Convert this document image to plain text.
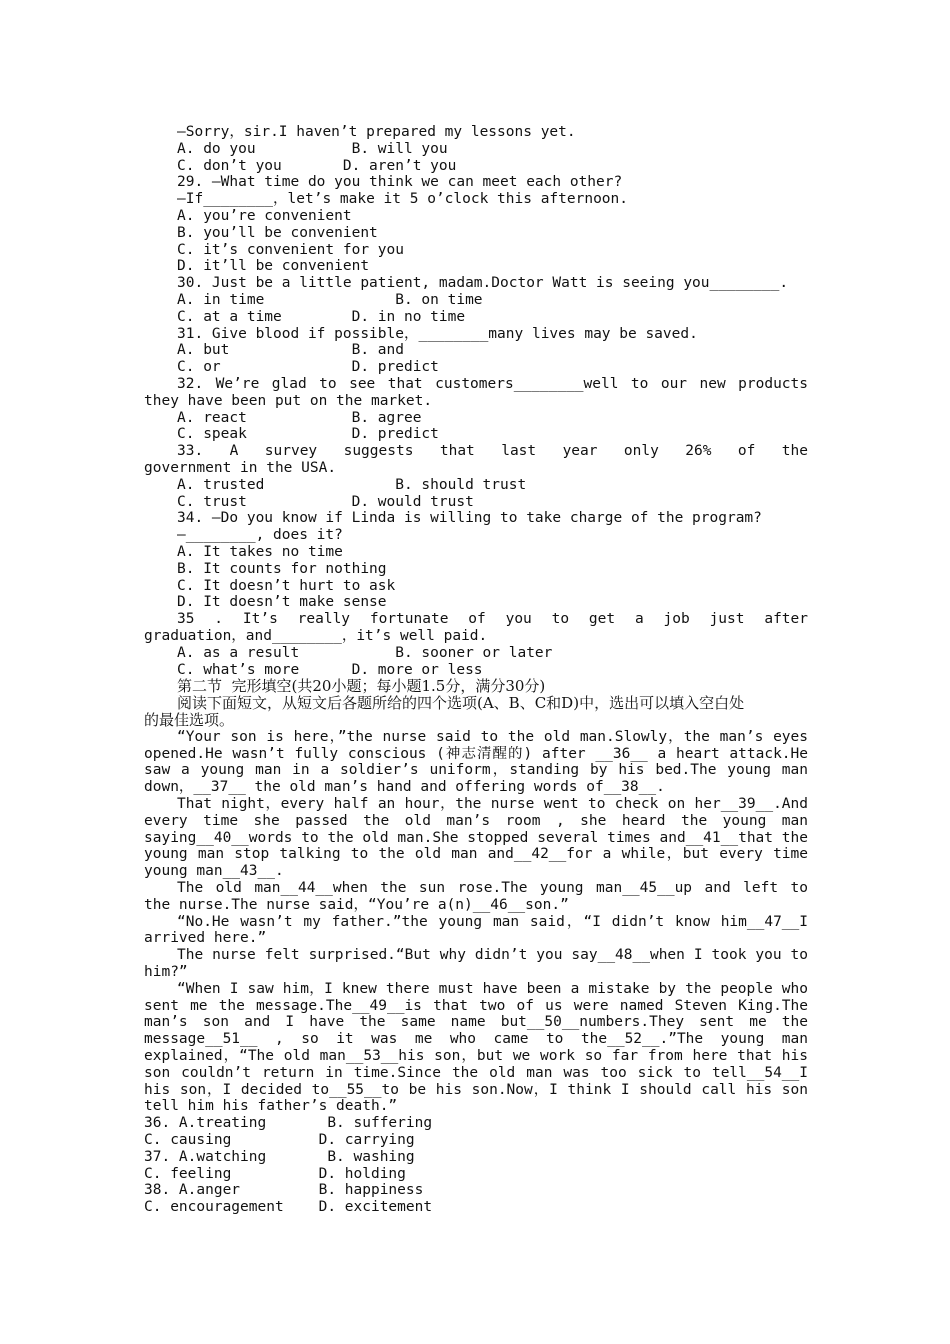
—Sorry，sir.I haven’t prepared my lessons yet.
A. do you           B. will you
C. don’t you       D. aren’t you
29. —What time do you think we can meet each other?
—If________，let’s make it 5 o’clock this afternoon.
A. you’re convenient
B. you’ll be convenient
C. it’s convenient for you
D. it’ll be convenient
30. Just be a little patient, madam.Doctor Watt is seeing you________.
A. in time               B. on time
C. at a time        D. in no time
31. Give blood if possible，________many lives may be saved.
A. but              B. and
C. or               D. predict
32. We’re glad to see that customers________well to our new products
they have been put on the market.
A. react            B. agree
C. speak            D. predict
33. A survey suggests that last year only 26% of the
government in the USA.
A. trusted               B. should trust
C. trust            D. would trust
34. —Do you know if Linda is willing to take charge of the program?
—________, does it?
A. It takes no time
B. It counts for nothing
C. It doesn’t hurt to ask
D. It doesn’t make sense
35 . It’s really fortunate of you to get a job just after
graduation，and________，it’s well paid.
A. as a result           B. sooner or later
C. what’s more      D. more or less
第二节  完形填空(共20小题；每小题1.5分，满分30分)
阅读下面短文，从短文后各题所给的四个选项(A、B、C和D)中，选出可以填入空白处
的最佳选项。
“Your son is here，”the nurse said to the old man.Slowly，the man’s eyes
opened.He wasn’t fully conscious (神志清醒的) after __36__ a heart attack.He
saw a young man in a soldier’s uniform，standing by his bed.The young man
down，__37__ the old man’s hand and offering words of__38__.
That night，every half an hour，the nurse went to check on her__39__.And
every time she passed the old man’s room , she heard the young man
saying__40__words to the old man.She stopped several times and__41__that the
young man stop talking to the old man and__42__for a while，but every time
young man__43__.
The old man__44__when the sun rose.The young man__45__up and left to
the nurse.The nurse said，“You’re a(n)__46__son.”
“No.He wasn’t my father.”the young man said，“I didn’t know him__47__I
arrived here.”
The nurse felt surprised.“But why didn’t you say__48__when I took you to
him?”
“When I saw him，I knew there must have been a mistake by the people who
sent me the message.The__49__is that two of us were named Steven King.The
man’s son and I have the same name but__50__numbers.They sent me the
message__51__ , so it was me who came to the__52__.”The young man
explained，“The old man__53__his son，but we work so far from here that his
son couldn’t return in time.Since the old man was too sick to tell__54__I
his son，I decided to__55__to be his son.Now，I think I should call his son
tell him his father’s death.”
36. A.treating       B. suffering
C. causing          D. carrying
37. A.watching       B. washing
C. feeling          D. holding
38. A.anger         B. happiness
C. encouragement    D. excitement
